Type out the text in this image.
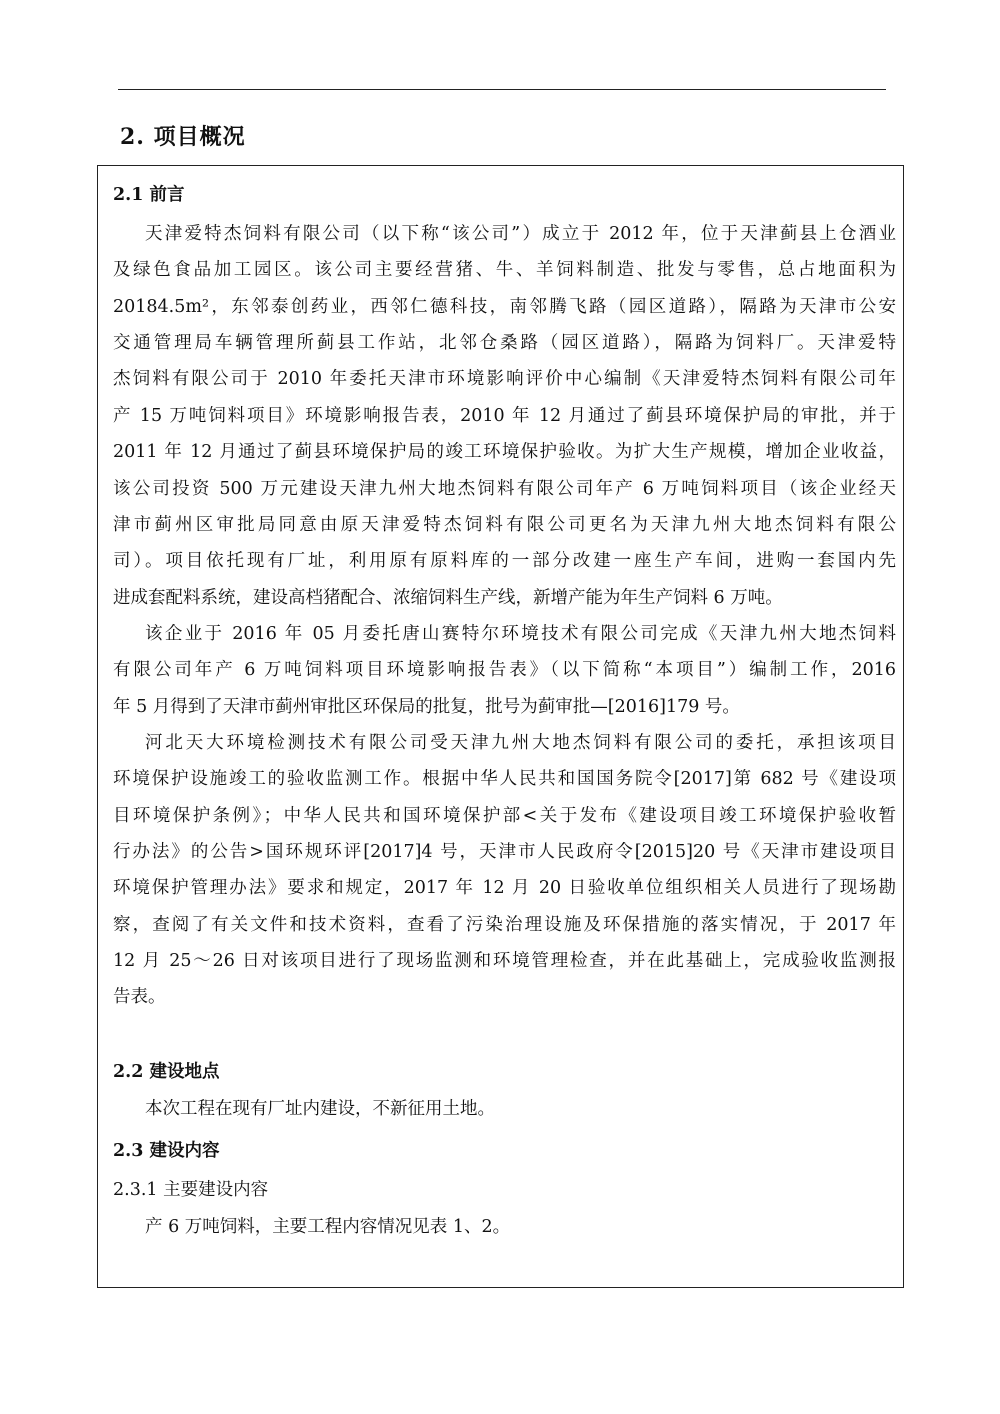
2. 项目概况
2.1 前言
天津爱特杰饲料有限公司（以下称“该公司”）成立于 2012 年，位于天津蓟县上仓酒业
及绿色食品加工园区。该公司主要经营猪、牛、羊饲料制造、批发与零售，总占地面积为
20184.5m²，东邻泰创药业，西邻仁德科技，南邻腾飞路（园区道路），隔路为天津市公安
交通管理局车辆管理所蓟县工作站，北邻仓桑路（园区道路），隔路为饲料厂。天津爱特
杰饲料有限公司于 2010 年委托天津市环境影响评价中心编制《天津爱特杰饲料有限公司年
产 15 万吨饲料项目》环境影响报告表，2010 年 12 月通过了蓟县环境保护局的审批，并于
2011 年 12 月通过了蓟县环境保护局的竣工环境保护验收。为扩大生产规模，增加企业收益，
该公司投资 500 万元建设天津九州大地杰饲料有限公司年产 6 万吨饲料项目（该企业经天
津市蓟州区审批局同意由原天津爱特杰饲料有限公司更名为天津九州大地杰饲料有限公
司）。项目依托现有厂址，利用原有原料库的一部分改建一座生产车间，进购一套国内先
进成套配料系统，建设高档猪配合、浓缩饲料生产线，新增产能为年生产饲料 6 万吨。
该企业于 2016 年 05 月委托唐山赛特尔环境技术有限公司完成《天津九州大地杰饲料
有限公司年产 6 万吨饲料项目环境影响报告表》（以下简称“本项目”）编制工作，2016
年 5 月得到了天津市蓟州审批区环保局的批复，批号为蓟审批—[2016]179 号。
河北天大环境检测技术有限公司受天津九州大地杰饲料有限公司的委托，承担该项目
环境保护设施竣工的验收监测工作。根据中华人民共和国国务院令[2017]第 682 号《建设项
目环境保护条例》；中华人民共和国环境保护部<关于发布《建设项目竣工环境保护验收暂
行办法》的公告>国环规环评[2017]4 号，天津市人民政府令[2015]20 号《天津市建设项目
环境保护管理办法》要求和规定，2017 年 12 月 20 日验收单位组织相关人员进行了现场勘
察，查阅了有关文件和技术资料，查看了污染治理设施及环保措施的落实情况，于 2017 年
12 月 25～26 日对该项目进行了现场监测和环境管理检查，并在此基础上，完成验收监测报
告表。
2.2 建设地点
本次工程在现有厂址内建设，不新征用土地。
2.3 建设内容
2.3.1 主要建设内容
产 6 万吨饲料，主要工程内容情况见表 1、2。
